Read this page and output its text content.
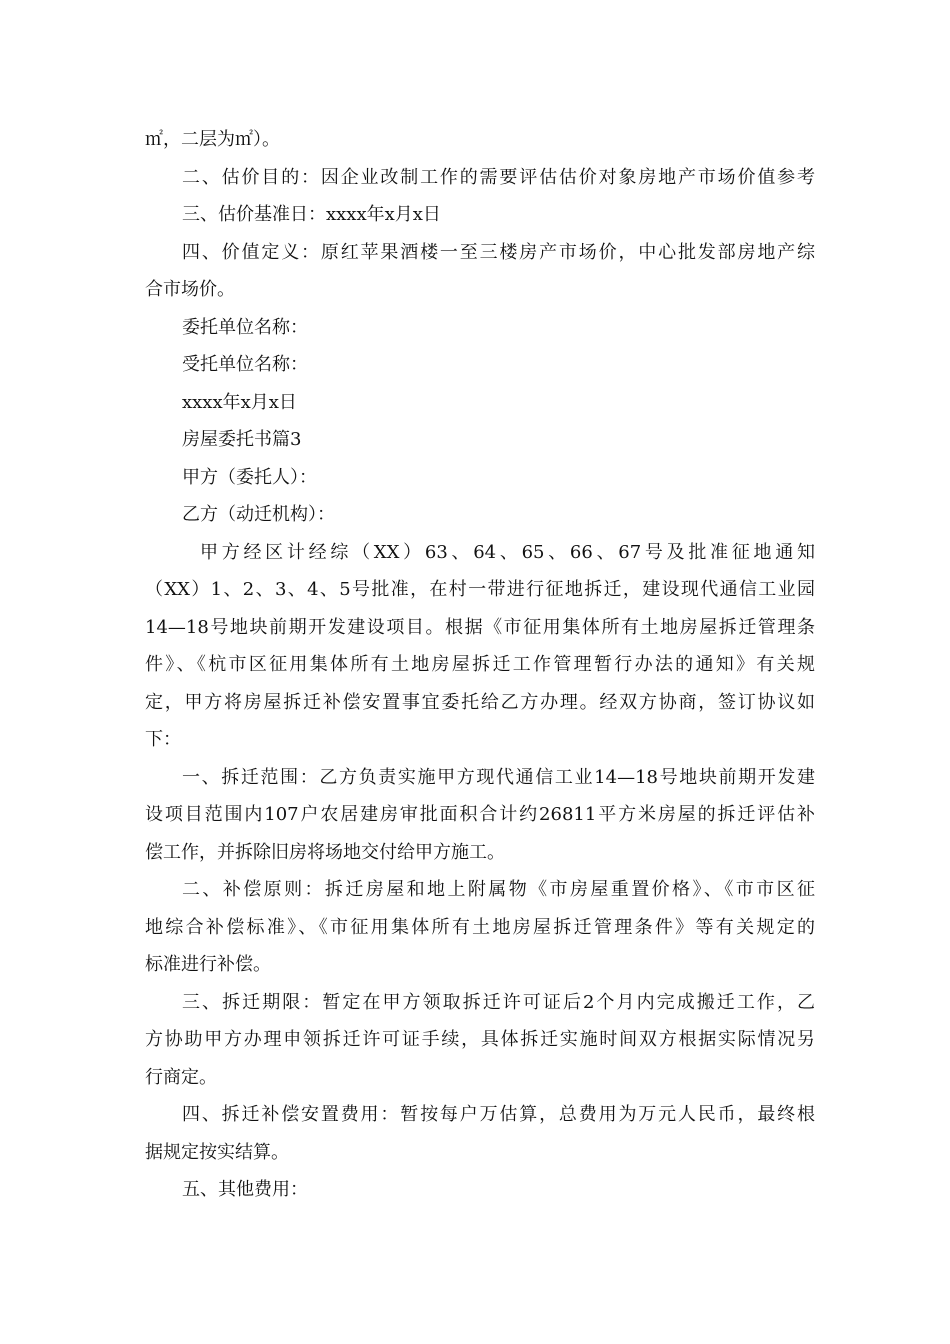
㎡，二层为㎡）。
二、估价目的：因企业改制工作的需要评估估价对象房地产市场价值参考
三、估价基准日：xxxx年x月x日
四、价值定义：原红苹果酒楼一至三楼房产市场价，中心批发部房地产综
合市场价。
委托单位名称：
受托单位名称：
xxxx年x月x日
房屋委托书篇3
甲方（委托人）：
乙方（动迁机构）：
甲方经区计经综（XX）63、64、65、66、67号及批准征地通知
（XX）1、2、3、4、5号批准，在村一带进行征地拆迁，建设现代通信工业园
14—18号地块前期开发建设项目。根据《市征用集体所有土地房屋拆迁管理条
件》、《杭市区征用集体所有土地房屋拆迁工作管理暂行办法的通知》有关规
定，甲方将房屋拆迁补偿安置事宜委托给乙方办理。经双方协商，签订协议如
下：
一、拆迁范围：乙方负责实施甲方现代通信工业14—18号地块前期开发建
设项目范围内107户农居建房审批面积合计约26811平方米房屋的拆迁评估补
偿工作，并拆除旧房将场地交付给甲方施工。
二、补偿原则：拆迁房屋和地上附属物《市房屋重置价格》、《市市区征
地综合补偿标准》、《市征用集体所有土地房屋拆迁管理条件》等有关规定的
标准进行补偿。
三、拆迁期限：暂定在甲方领取拆迁许可证后2个月内完成搬迁工作，乙
方协助甲方办理申领拆迁许可证手续，具体拆迁实施时间双方根据实际情况另
行商定。
四、拆迁补偿安置费用：暂按每户万估算，总费用为万元人民币，最终根
据规定按实结算。
五、其他费用：
